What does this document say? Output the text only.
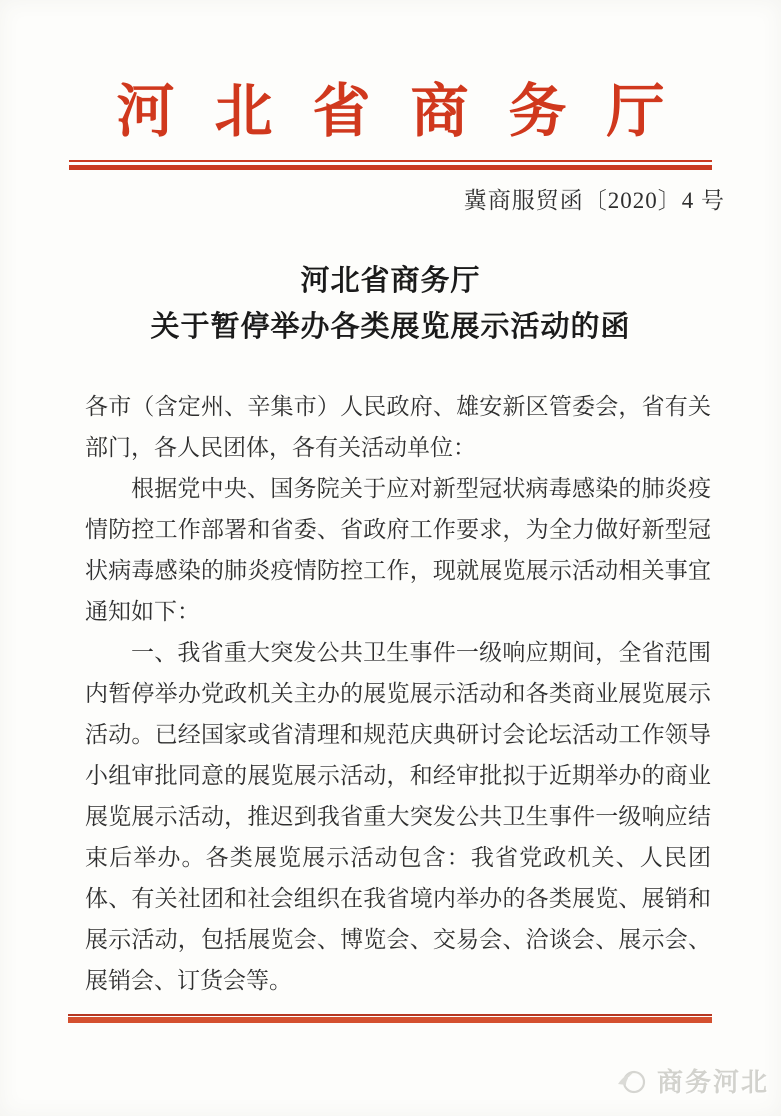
河北省商务厅
冀商服贸函〔2020〕4 号
河北省商务厅
关于暂停举办各类展览展示活动的函

各市（含定州、辛集市）人民政府、雄安新区管委会，省有关部门，各人民团体，各有关活动单位：

根据党中央、国务院关于应对新型冠状病毒感染的肺炎疫情防控工作部署和省委、省政府工作要求，为全力做好新型冠状病毒感染的肺炎疫情防控工作，现就展览展示活动相关事宜通知如下：

一、我省重大突发公共卫生事件一级响应期间，全省范围内暂停举办党政机关主办的展览展示活动和各类商业展览展示活动。已经国家或省清理和规范庆典研讨会论坛活动工作领导小组审批同意的展览展示活动，和经审批拟于近期举办的商业展览展示活动，推迟到我省重大突发公共卫生事件一级响应结束后举办。各类展览展示活动包含：我省党政机关、人民团体、有关社团和社会组织在我省境内举办的各类展览、展销和展示活动，包括展览会、博览会、交易会、洽谈会、展示会、展销会、订货会等。

商务河北
